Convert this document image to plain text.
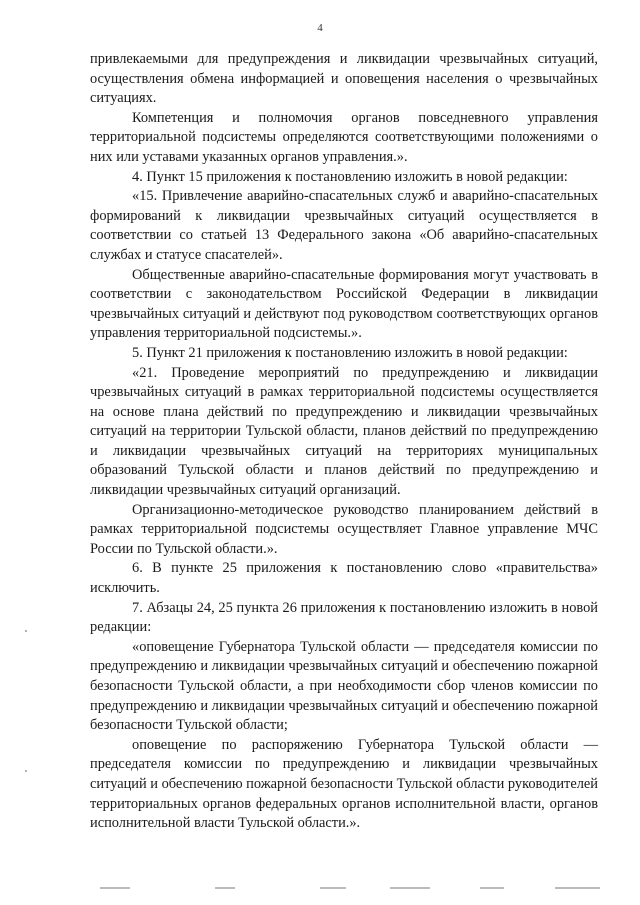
4

привлекаемыми для предупреждения и ликвидации чрезвычайных ситуаций, осуществления обмена информацией и оповещения населения о чрезвычайных ситуациях.

Компетенция и полномочия органов повседневного управления территориальной подсистемы определяются соответствующими положениями о них или уставами указанных органов управления.».

4. Пункт 15 приложения к постановлению изложить в новой редакции:

«15. Привлечение аварийно-спасательных служб и аварийно-спасательных формирований к ликвидации чрезвычайных ситуаций осуществляется в соответствии со статьей 13 Федерального закона «Об аварийно-спасательных службах и статусе спасателей».

Общественные аварийно-спасательные формирования могут участвовать в соответствии с законодательством Российской Федерации в ликвидации чрезвычайных ситуаций и действуют под руководством соответствующих органов управления территориальной подсистемы.».

5. Пункт 21 приложения к постановлению изложить в новой редакции:

«21. Проведение мероприятий по предупреждению и ликвидации чрезвычайных ситуаций в рамках территориальной подсистемы осуществляется на основе плана действий по предупреждению и ликвидации чрезвычайных ситуаций на территории Тульской области, планов действий по предупреждению и ликвидации чрезвычайных ситуаций на территориях муниципальных образований Тульской области и планов действий по предупреждению и ликвидации чрезвычайных ситуаций организаций.

Организационно-методическое руководство планированием действий в рамках территориальной подсистемы осуществляет Главное управление МЧС России по Тульской области.».

6. В пункте 25 приложения к постановлению слово «правительства» исключить.

7. Абзацы 24, 25 пункта 26 приложения к постановлению изложить в новой редакции:

«оповещение Губернатора Тульской области — председателя комиссии по предупреждению и ликвидации чрезвычайных ситуаций и обеспечению пожарной безопасности Тульской области, а при необходимости сбор членов комиссии по предупреждению и ликвидации чрезвычайных ситуаций и обеспечению пожарной безопасности Тульской области;

оповещение по распоряжению Губернатора Тульской области — председателя комиссии по предупреждению и ликвидации чрезвычайных ситуаций и обеспечению пожарной безопасности Тульской области руководителей территориальных органов федеральных органов исполнительной власти, органов исполнительной власти Тульской области.».
